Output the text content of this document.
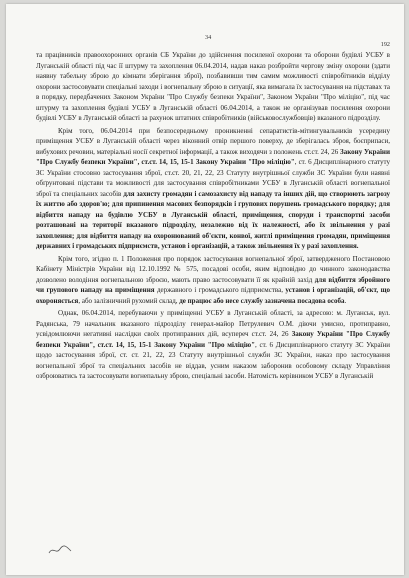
34
192

та працівників правоохоронних органів СБ України до здійснення посиленої охорони та оборони будівлі УСБУ в Луганській області під час її штурму та захоплення 06.04.2014, надав наказ розбройти чергову зміну охорони (здати наявну табельну зброю до кімнати зберігання зброї), позбавивши тим самим можливості співробітників відділу охорони застосовувати спеціальні заходи і вогнепальну зброю в ситуації, яка вимагала їх застосування на підставах та в порядку, передбачених Законом України "Про Службу безпеки України", Законом України "Про міліцію", під час штурму та захоплення будівлі УСБУ в Луганській області 06.04.2014, а також не організував посилення охорони будівлі УСБУ в Луганській області за рахунок штатних співробітників (військовослужбовців) вказаного підрозділу.

Крім того, 06.04.2014 при безпосередньому проникненні сепаратистів-мітингувальників усередину приміщення УСБУ в Луганській області через віконний отвір першого поверху, де зберігалась зброя, боєприпаси, вибухових речовин, матеріальні носії секретної інформації, а також виходячи з положень ст.ст. 24, 26 Закону України "Про Службу безпеки України", ст.ст. 14, 15, 15-1 Закону України "Про міліцію", ст. 6 Дисциплінарного статуту ЗС України стосовно застосування зброї, ст.ст. 20, 21, 22, 23 Статуту внутрішньої служби ЗС України були наявні обґрунтовані підстави та можливості для застосування співробітниками УСБУ в Луганській області вогнепальної зброї та спеціальних засобів для захисту громадян і самозахисту від нападу та інших дій, що створюють загрозу їх життю або здоров'ю; для припинення масових безпорядків і групових порушень громадського порядку; для відбиття нападу на будівлю УСБУ в Луганській області, приміщення, споруди і транспортні засоби розташовані на території вказаного підрозділу, незалежно від їх належності, або їх звільнення у разі захоплення; для відбиття нападу на охоронюваний об'єкти, конвої, житлі приміщення громадян, приміщення державних і громадських підприємств, установ і організацій, а також звільнення їх у разі захоплення.

Крім того, згідно п. 1 Положення про порядок застосування вогнепальної зброї, затвердженого Постановою Кабінету Міністрів України від 12.10.1992 № 575, посадові особи, яким відповідно до чинного законодавства дозволено володіння вогнепальною зброєю, мають право застосовувати її як крайній захід для відбиття збройного чи групового нападу на приміщення державного і громадського підприємства, установ і організацій, об'єкт, що охороняється, або залізничний рухомий склад, де працює або несе службу зазначена посадова особа.

Однак, 06.04.2014, перебуваючи у приміщенні УСБУ в Луганській області, за адресою: м. Луганськ, вул. Радянська, 79 начальник вказаного підрозділу генерал-майор Петрулевич О.М. діючи умисно, протиправно, усвідомлюючи негативні наслідки своїх протиправних дій, всупереч ст.ст. 24, 26 Закону України "Про Службу безпеки України", ст.ст. 14, 15, 15-1 Закону України "Про міліцію", ст. 6 Дисциплінарного статуту ЗС України щодо застосування зброї, ст. ст. 21, 22, 23 Статуту внутрішньої служби ЗС України, наказ про застосування вогнепальної зброї та спеціальних засобів не віддав, усним наказом заборонив особовому складу Управління озброюватись та застосовувати вогнепальну зброю, спеціальні засоби. Натомість керівником УСБУ в Луганській
